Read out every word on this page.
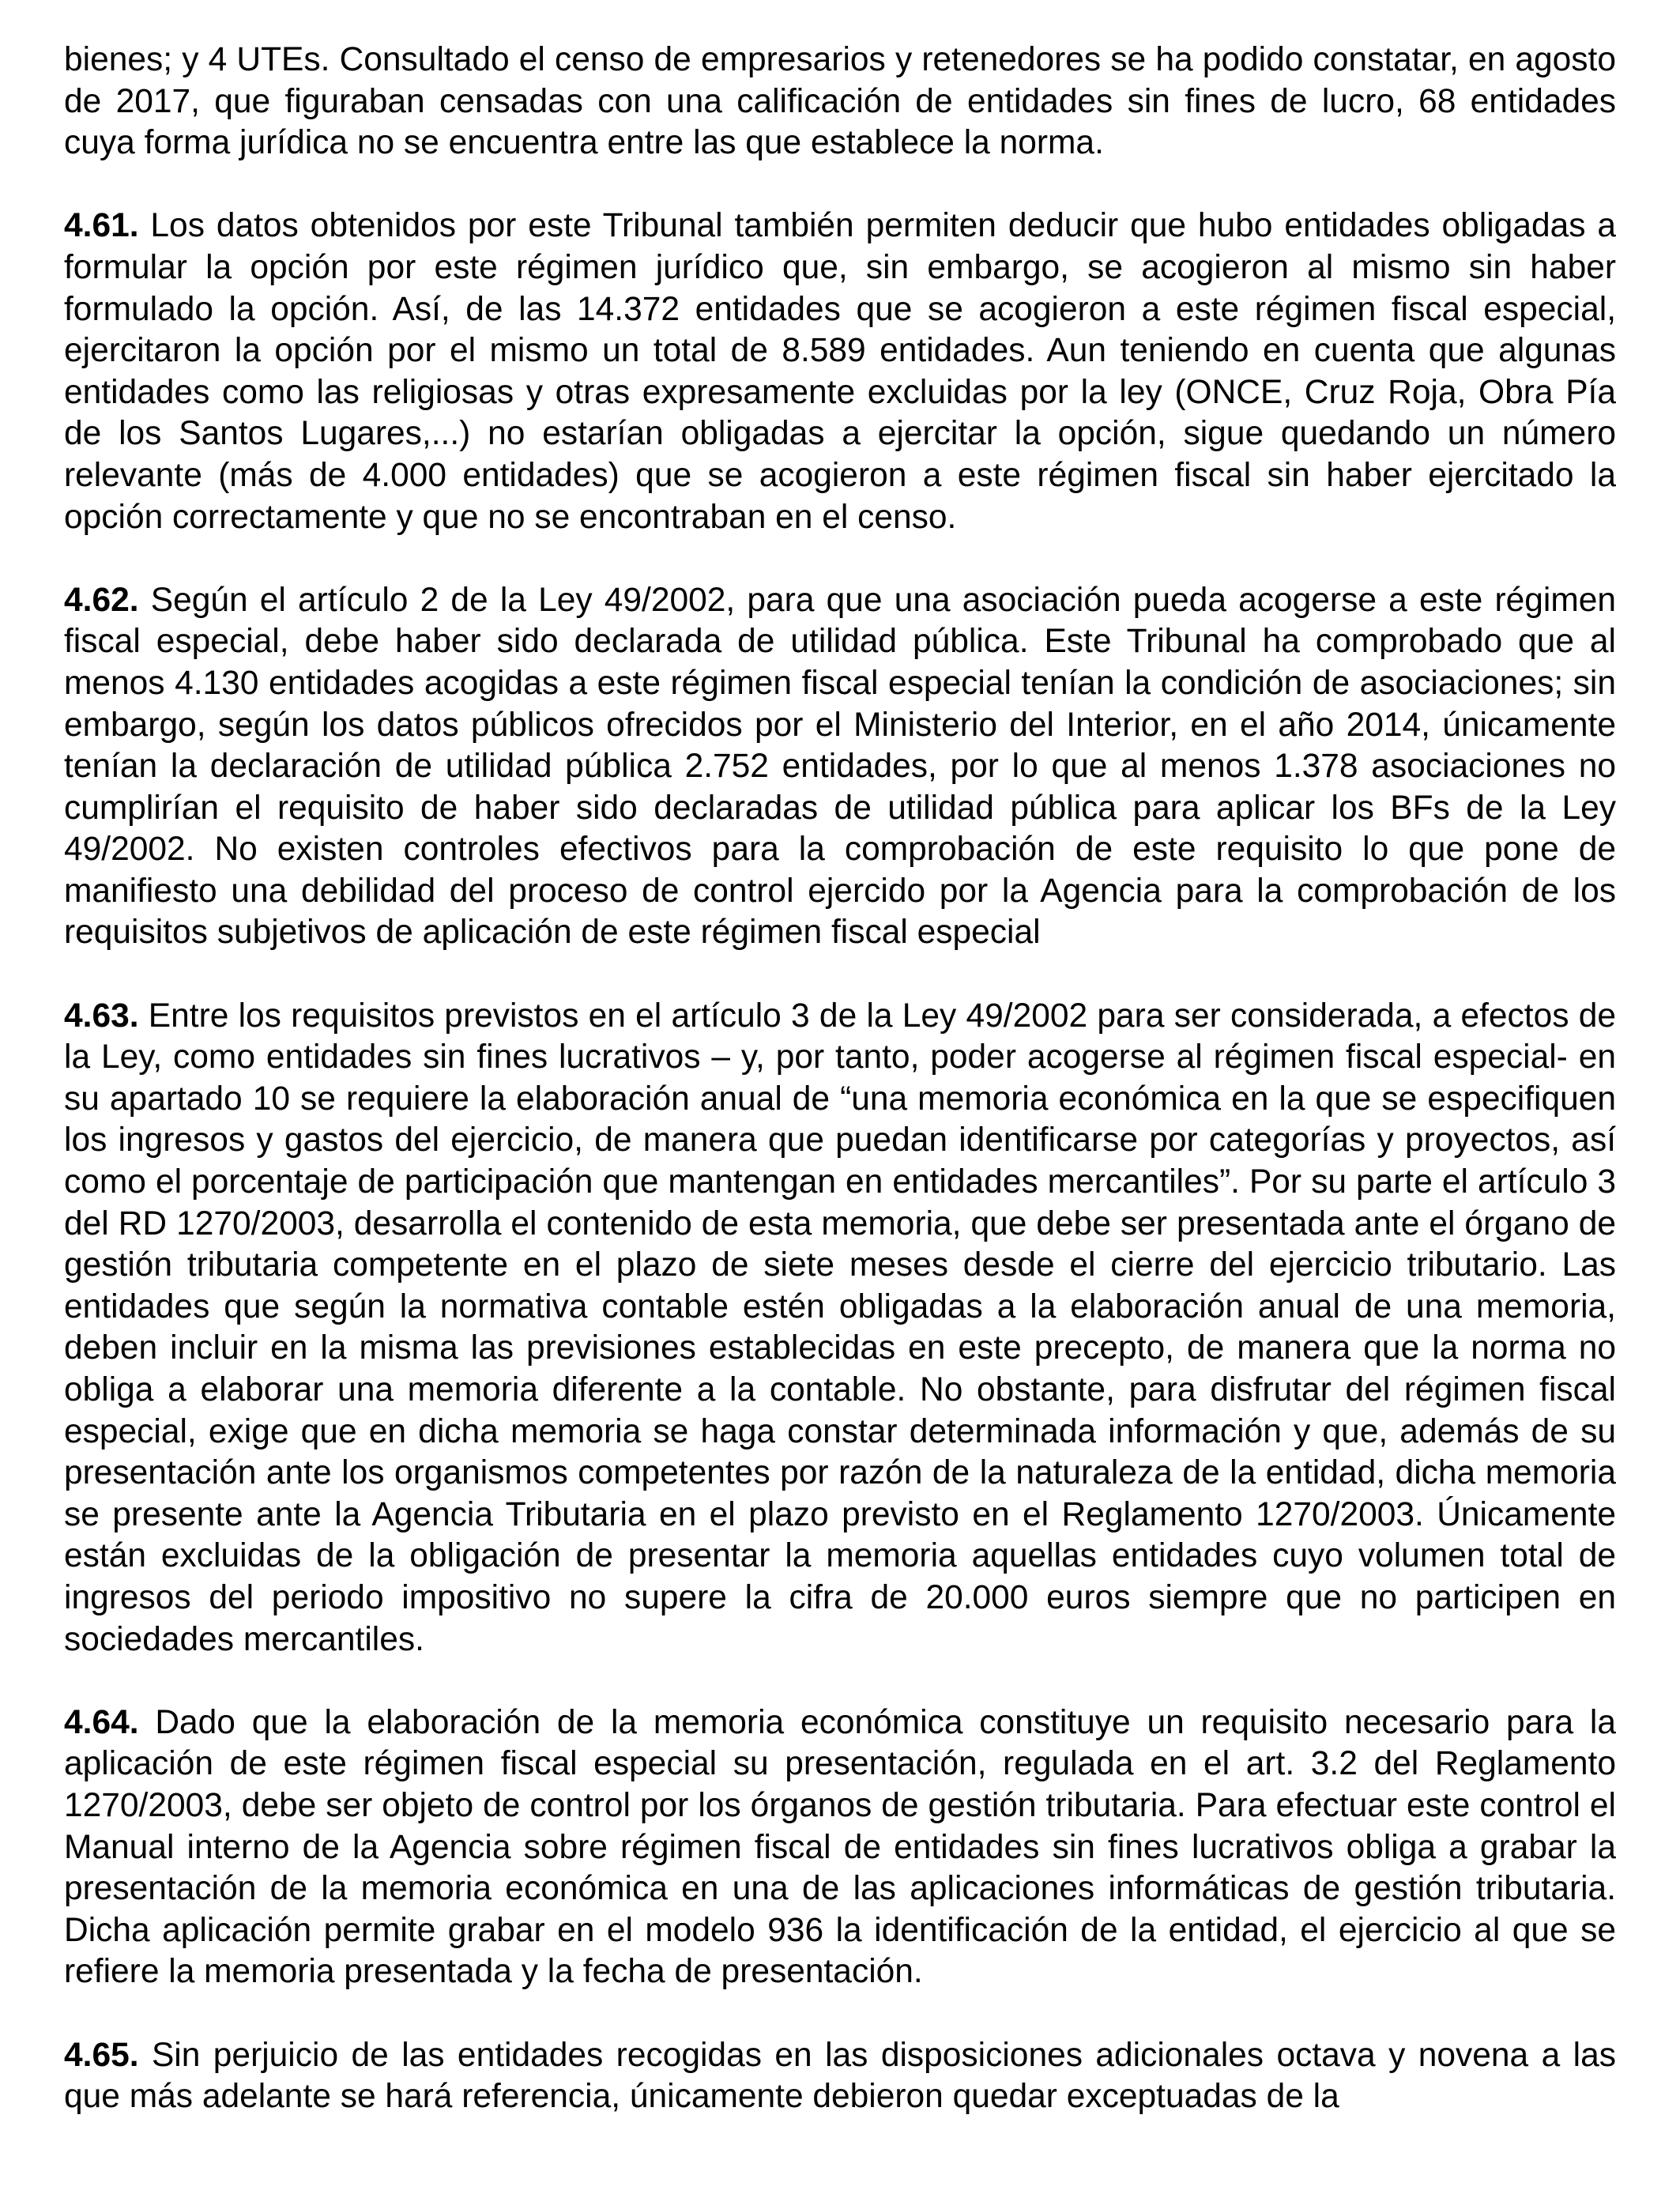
bienes; y 4 UTEs. Consultado el censo de empresarios y retenedores se ha podido constatar, en agosto de 2017, que figuraban censadas con una calificación de entidades sin fines de lucro, 68 entidades cuya forma jurídica no se encuentra entre las que establece la norma.

4.61. Los datos obtenidos por este Tribunal también permiten deducir que hubo entidades obligadas a formular la opción por este régimen jurídico que, sin embargo, se acogieron al mismo sin haber formulado la opción. Así, de las 14.372 entidades que se acogieron a este régimen fiscal especial, ejercitaron la opción por el mismo un total de 8.589 entidades. Aun teniendo en cuenta que algunas entidades como las religiosas y otras expresamente excluidas por la ley (ONCE, Cruz Roja, Obra Pía de los Santos Lugares,...) no estarían obligadas a ejercitar la opción, sigue quedando un número relevante (más de 4.000 entidades) que se acogieron a este régimen fiscal sin haber ejercitado la opción correctamente y que no se encontraban en el censo.

4.62. Según el artículo 2 de la Ley 49/2002, para que una asociación pueda acogerse a este régimen fiscal especial, debe haber sido declarada de utilidad pública. Este Tribunal ha comprobado que al menos 4.130 entidades acogidas a este régimen fiscal especial tenían la condición de asociaciones; sin embargo, según los datos públicos ofrecidos por el Ministerio del Interior, en el año 2014, únicamente tenían la declaración de utilidad pública 2.752 entidades, por lo que al menos 1.378 asociaciones no cumplirían el requisito de haber sido declaradas de utilidad pública para aplicar los BFs de la Ley 49/2002. No existen controles efectivos para la comprobación de este requisito lo que pone de manifiesto una debilidad del proceso de control ejercido por la Agencia para la comprobación de los requisitos subjetivos de aplicación de este régimen fiscal especial

4.63. Entre los requisitos previstos en el artículo 3 de la Ley 49/2002 para ser considerada, a efectos de la Ley, como entidades sin fines lucrativos – y, por tanto, poder acogerse al régimen fiscal especial- en su apartado 10 se requiere la elaboración anual de “una memoria económica en la que se especifiquen los ingresos y gastos del ejercicio, de manera que puedan identificarse por categorías y proyectos, así como el porcentaje de participación que mantengan en entidades mercantiles”. Por su parte el artículo 3 del RD 1270/2003, desarrolla el contenido de esta memoria, que debe ser presentada ante el órgano de gestión tributaria competente en el plazo de siete meses desde el cierre del ejercicio tributario. Las entidades que según la normativa contable estén obligadas a la elaboración anual de una memoria, deben incluir en la misma las previsiones establecidas en este precepto, de manera que la norma no obliga a elaborar una memoria diferente a la contable. No obstante, para disfrutar del régimen fiscal especial, exige que en dicha memoria se haga constar determinada información y que, además de su presentación ante los organismos competentes por razón de la naturaleza de la entidad, dicha memoria se presente ante la Agencia Tributaria en el plazo previsto en el Reglamento 1270/2003. Únicamente están excluidas de la obligación de presentar la memoria aquellas entidades cuyo volumen total de ingresos del periodo impositivo no supere la cifra de 20.000 euros siempre que no participen en sociedades mercantiles.

4.64. Dado que la elaboración de la memoria económica constituye un requisito necesario para la aplicación de este régimen fiscal especial su presentación, regulada en el art. 3.2 del Reglamento 1270/2003, debe ser objeto de control por los órganos de gestión tributaria. Para efectuar este control el Manual interno de la Agencia sobre régimen fiscal de entidades sin fines lucrativos obliga a grabar la presentación de la memoria económica en una de las aplicaciones informáticas de gestión tributaria. Dicha aplicación permite grabar en el modelo 936 la identificación de la entidad, el ejercicio al que se refiere la memoria presentada y la fecha de presentación.

4.65. Sin perjuicio de las entidades recogidas en las disposiciones adicionales octava y novena a las que más adelante se hará referencia, únicamente debieron quedar exceptuadas de la
